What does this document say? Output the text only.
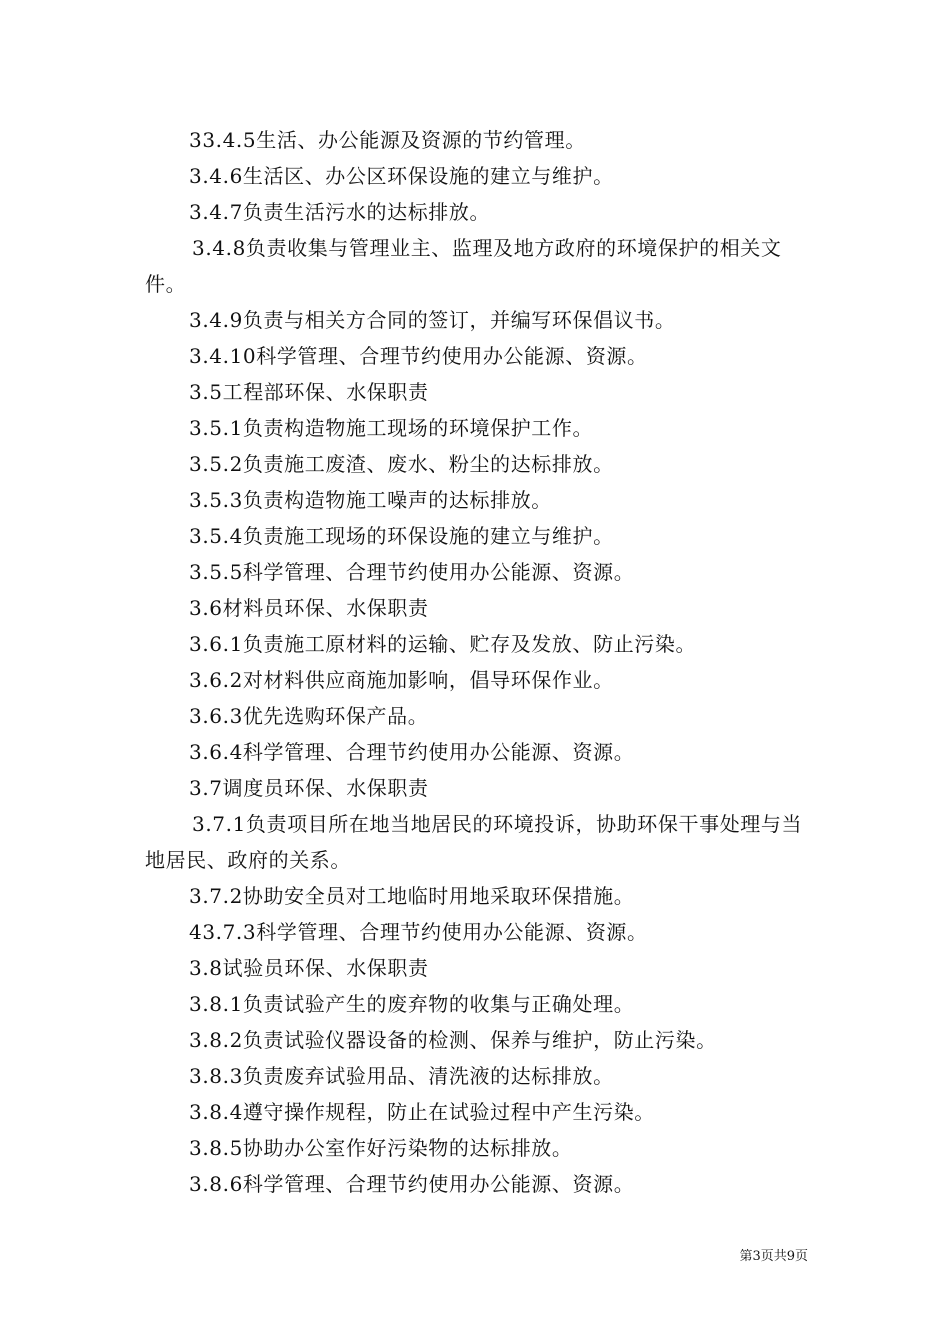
33.4.5生活、办公能源及资源的节约管理。

3.4.6生活区、办公区环保设施的建立与维护。

3.4.7负责生活污水的达标排放。

3.4.8负责收集与管理业主、监理及地方政府的环境保护的相关文件。

3.4.9负责与相关方合同的签订，并编写环保倡议书。

3.4.10科学管理、合理节约使用办公能源、资源。

3.5工程部环保、水保职责

3.5.1负责构造物施工现场的环境保护工作。

3.5.2负责施工废渣、废水、粉尘的达标排放。

3.5.3负责构造物施工噪声的达标排放。

3.5.4负责施工现场的环保设施的建立与维护。

3.5.5科学管理、合理节约使用办公能源、资源。

3.6材料员环保、水保职责

3.6.1负责施工原材料的运输、贮存及发放、防止污染。

3.6.2对材料供应商施加影响，倡导环保作业。

3.6.3优先选购环保产品。

3.6.4科学管理、合理节约使用办公能源、资源。

3.7调度员环保、水保职责

3.7.1负责项目所在地当地居民的环境投诉，协助环保干事处理与当地居民、政府的关系。

3.7.2协助安全员对工地临时用地采取环保措施。

43.7.3科学管理、合理节约使用办公能源、资源。

3.8试验员环保、水保职责

3.8.1负责试验产生的废弃物的收集与正确处理。

3.8.2负责试验仪器设备的检测、保养与维护，防止污染。

3.8.3负责废弃试验用品、清洗液的达标排放。

3.8.4遵守操作规程，防止在试验过程中产生污染。

3.8.5协助办公室作好污染物的达标排放。

3.8.6科学管理、合理节约使用办公能源、资源。

第3页共9页
